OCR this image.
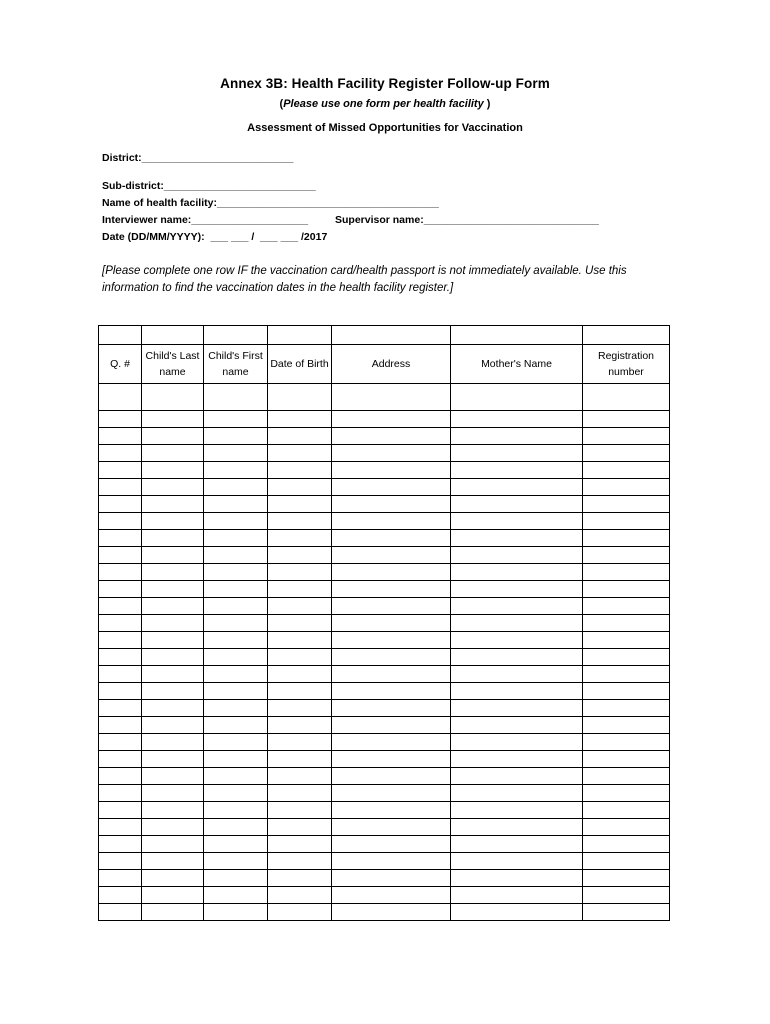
Annex 3B: Health Facility Register Follow-up Form
(Please use one form per health facility )
Assessment of Missed Opportunities for Vaccination
District:__________________________
Sub-district:__________________________
Name of health facility:______________________________________
Interviewer name:____________________	Supervisor name:______________________________
Date (DD/MM/YYYY):  ___ ___ /  ___ ___ /2017
[Please complete one row IF the vaccination card/health passport is not immediately available. Use this information to find the vaccination dates in the health facility register.]

Q. #	Child's Last name	Child's First name	Date of Birth	Address	Mother's Name	Registration number
